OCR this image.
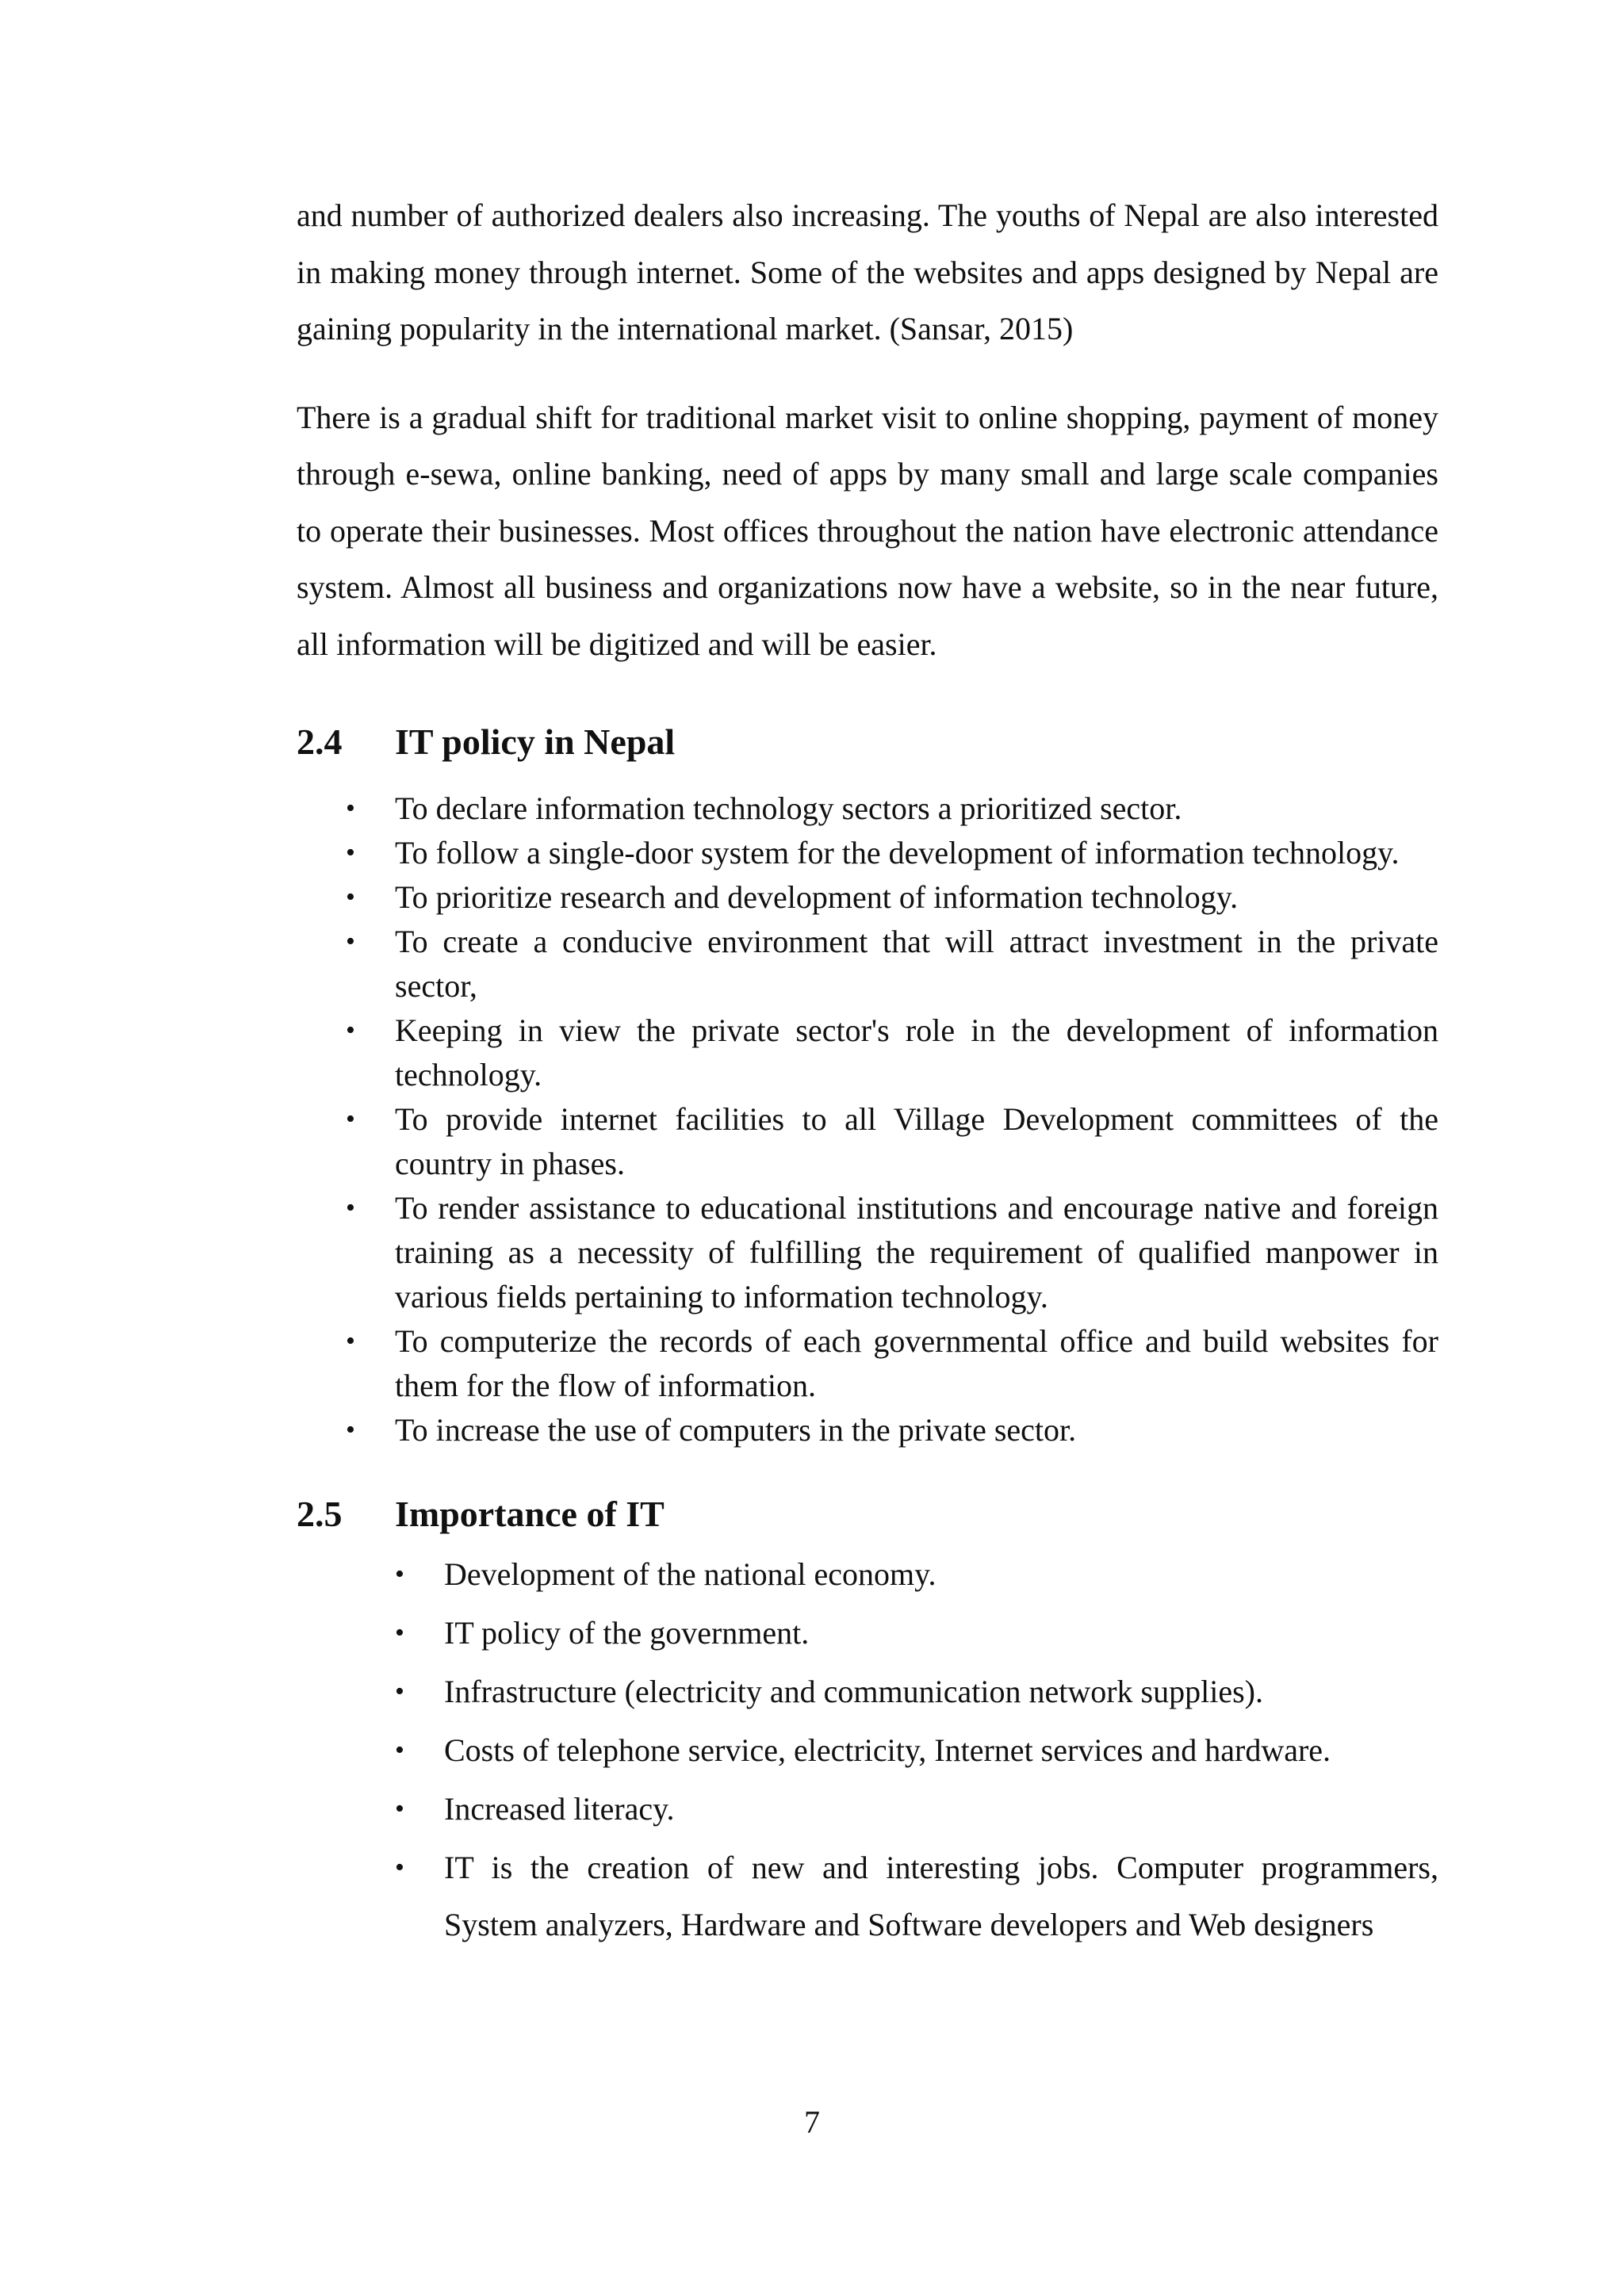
and number of authorized dealers also increasing. The youths of Nepal are also interested in making money through internet. Some of the websites and apps designed by Nepal are gaining popularity in the international market. (Sansar, 2015)

There is a gradual shift for traditional market visit to online shopping, payment of money through e-sewa, online banking, need of apps by many small and large scale companies to operate their businesses. Most offices throughout the nation have electronic attendance system. Almost all business and organizations now have a website, so in the near future, all information will be digitized and will be easier.

2.4	IT policy in Nepal
• To declare information technology sectors a prioritized sector.
• To follow a single-door system for the development of information technology.
• To prioritize research and development of information technology.
• To create a conducive environment that will attract investment in the private sector,
• Keeping in view the private sector's role in the development of information technology.
• To provide internet facilities to all Village Development committees of the country in phases.
• To render assistance to educational institutions and encourage native and foreign training as a necessity of fulfilling the requirement of qualified manpower in various fields pertaining to information technology.
• To computerize the records of each governmental office and build websites for them for the flow of information.
• To increase the use of computers in the private sector.
2.5	Importance of IT
• Development of the national economy.
• IT policy of the government.
• Infrastructure (electricity and communication network supplies).
• Costs of telephone service, electricity, Internet services and hardware.
• Increased literacy.
• IT is the creation of new and interesting jobs. Computer programmers, System analyzers, Hardware and Software developers and Web designers
7
